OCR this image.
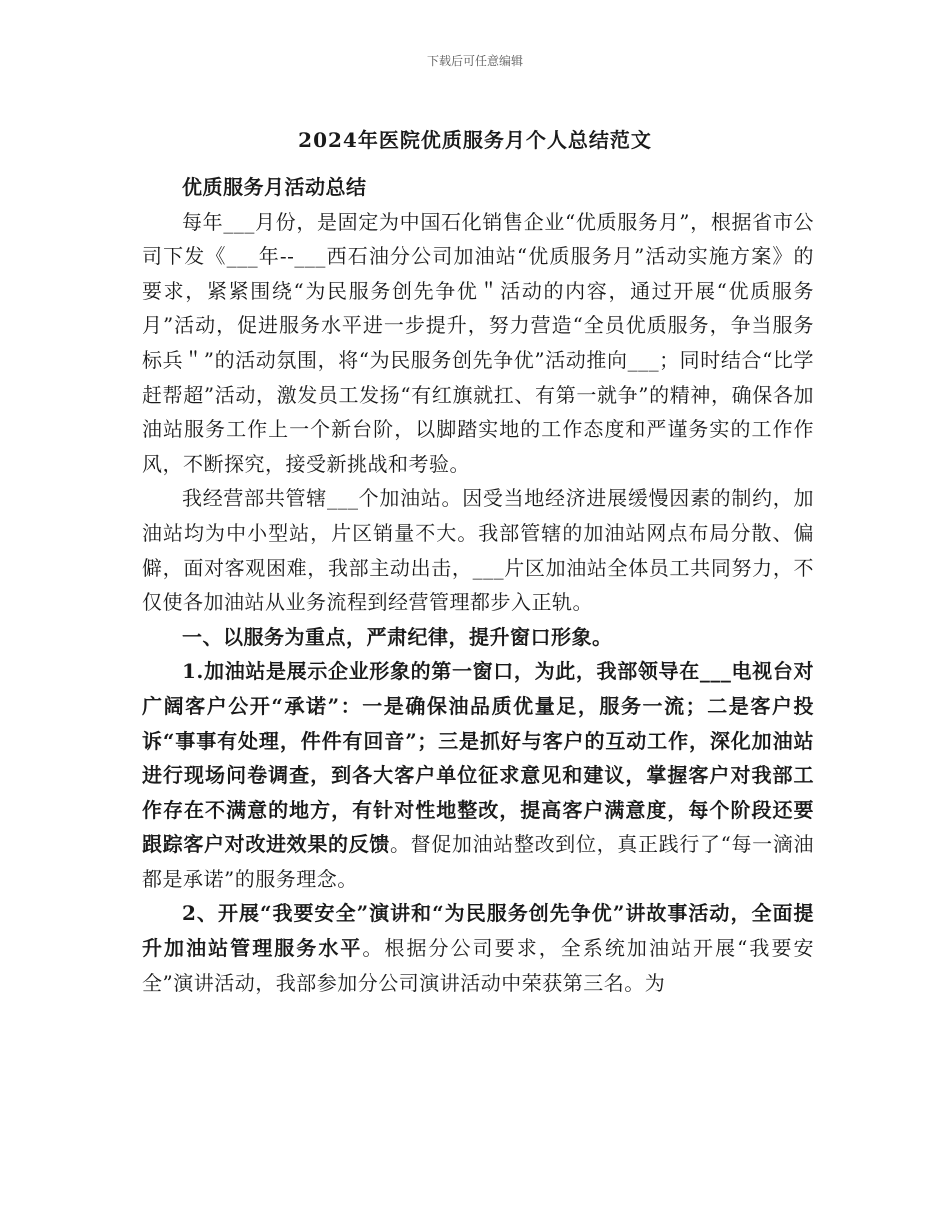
下载后可任意编辑
2024年医院优质服务月个人总结范文

优质服务月活动总结

每年___月份，是固定为中国石化销售企业“优质服务月”，根据省市公司下发《___年--___西石油分公司加油站“优质服务月”活动实施方案》的要求，紧紧围绕“为民服务创先争优＂活动的内容，通过开展“优质服务月”活动，促进服务水平进一步提升，努力营造“全员优质服务，争当服务标兵＂”的活动氛围，将“为民服务创先争优”活动推向___；同时结合“比学赶帮超”活动，激发员工发扬“有红旗就扛、有第一就争”的精神，确保各加油站服务工作上一个新台阶，以脚踏实地的工作态度和严谨务实的工作作风，不断探究，接受新挑战和考验。

我经营部共管辖___个加油站。因受当地经济进展缓慢因素的制约，加油站均为中小型站，片区销量不大。我部管辖的加油站网点布局分散、偏僻，面对客观困难，我部主动出击，___片区加油站全体员工共同努力，不仅使各加油站从业务流程到经营管理都步入正轨。

一、以服务为重点，严肃纪律，提升窗口形象。

1.加油站是展示企业形象的第一窗口，为此，我部领导在___电视台对广阔客户公开“承诺”：一是确保油品质优量足，服务一流；二是客户投诉“事事有处理，件件有回音”；三是抓好与客户的互动工作，深化加油站进行现场问卷调查，到各大客户单位征求意见和建议，掌握客户对我部工作存在不满意的地方，有针对性地整改，提高客户满意度，每个阶段还要跟踪客户对改进效果的反馈。督促加油站整改到位，真正践行了“每一滴油都是承诺”的服务理念。

2、开展“我要安全”演讲和“为民服务创先争优”讲故事活动，全面提升加油站管理服务水平。根据分公司要求，全系统加油站开展“我要安全”演讲活动，我部参加分公司演讲活动中荣获第三名。为
